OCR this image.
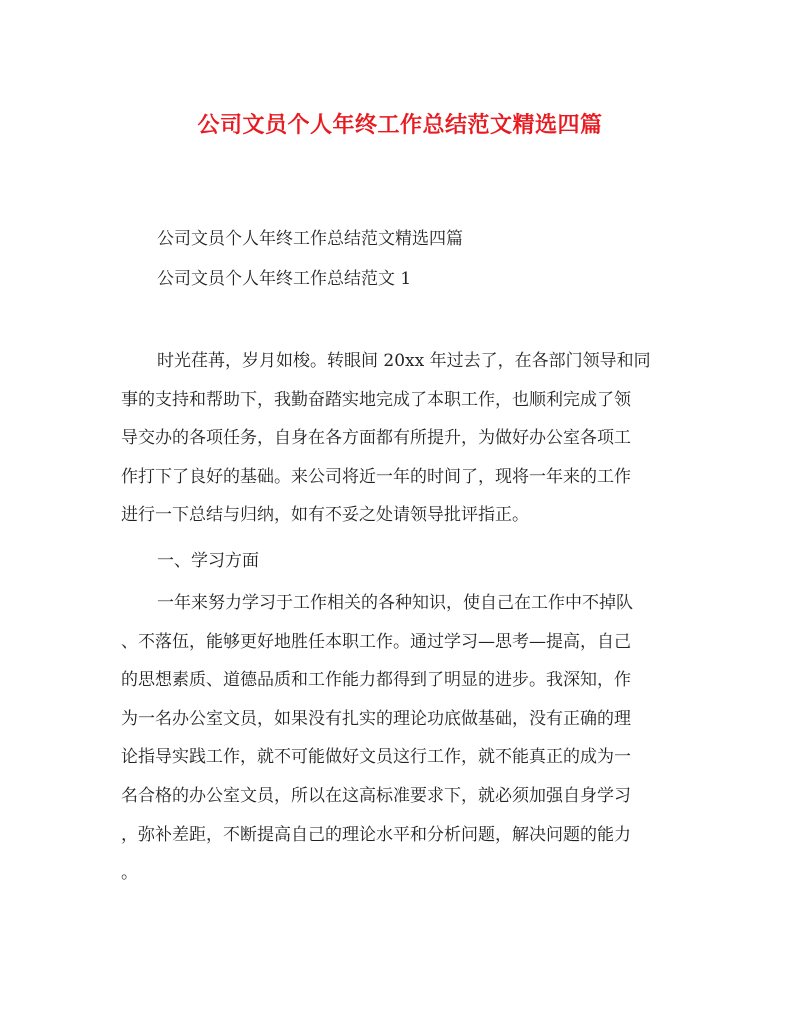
公司文员个人年终工作总结范文精选四篇
公司文员个人年终工作总结范文精选四篇
公司文员个人年终工作总结范文 1
时光荏苒，岁月如梭。转眼间 20xx 年过去了，在各部门领导和同
事的支持和帮助下，我勤奋踏实地完成了本职工作，也顺利完成了领
导交办的各项任务，自身在各方面都有所提升，为做好办公室各项工
作打下了良好的基础。来公司将近一年的时间了，现将一年来的工作
进行一下总结与归纳，如有不妥之处请领导批评指正。
一、学习方面
一年来努力学习于工作相关的各种知识，使自己在工作中不掉队
、不落伍，能够更好地胜任本职工作。通过学习—思考—提高，自己
的思想素质、道德品质和工作能力都得到了明显的进步。我深知，作
为一名办公室文员，如果没有扎实的理论功底做基础，没有正确的理
论指导实践工作，就不可能做好文员这行工作，就不能真正的成为一
名合格的办公室文员，所以在这高标准要求下，就必须加强自身学习
，弥补差距，不断提高自己的理论水平和分析问题，解决问题的能力
。
